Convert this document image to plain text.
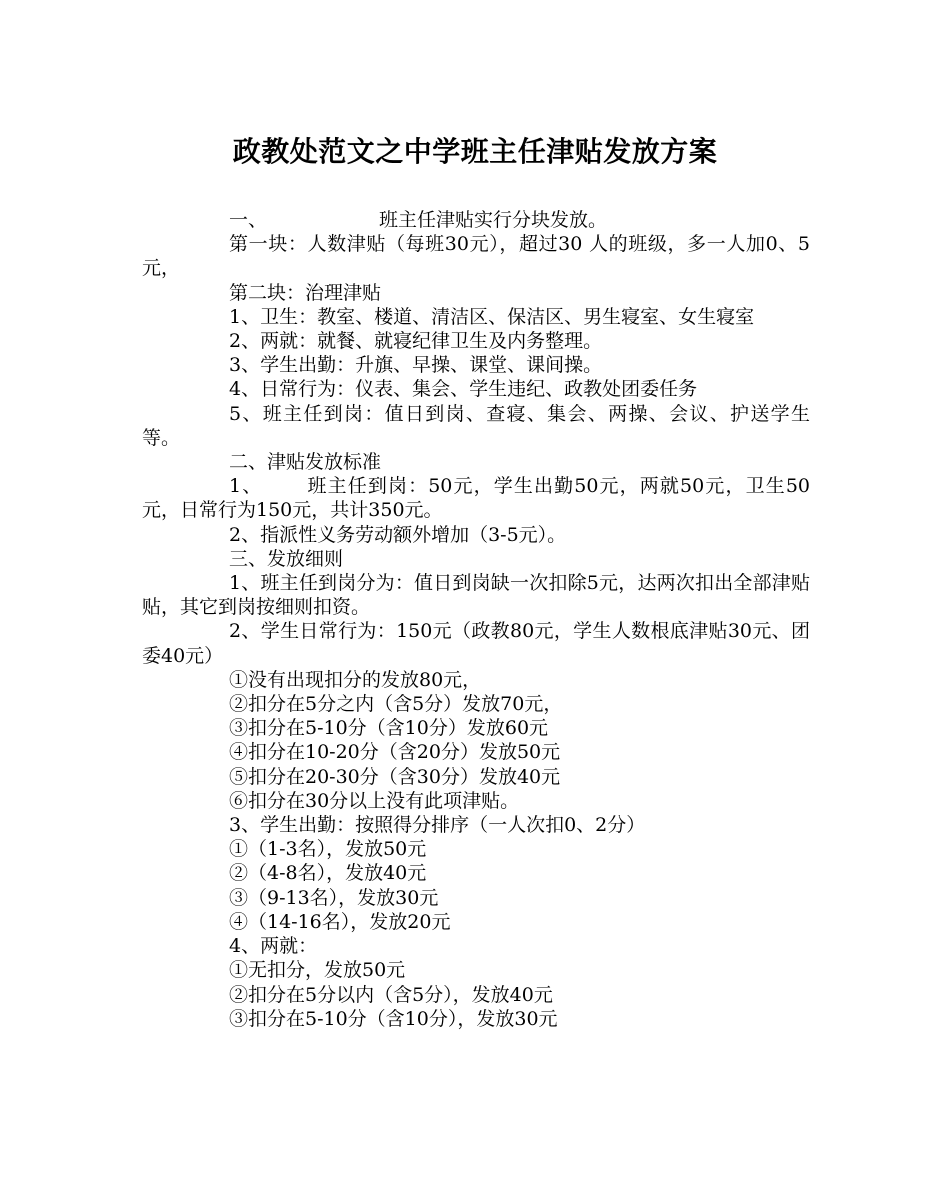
政教处范文之中学班主任津贴发放方案

一、	班主任津贴实行分块发放。

第一块：人数津贴（每班30元），超过30 人的班级，多一人加0、5元，

第二块：治理津贴

1、卫生：教室、楼道、清洁区、保洁区、男生寝室、女生寝室

2、两就：就餐、就寝纪律卫生及内务整理。

3、学生出勤：升旗、早操、课堂、课间操。

4、日常行为：仪表、集会、学生违纪、政教处团委任务

5、班主任到岗：值日到岗、查寝、集会、两操、会议、护送学生等。

二、津贴发放标准

1、 班主任到岗：50元，学生出勤50元，两就50元，卫生50元，日常行为150元，共计350元。

2、指派性义务劳动额外增加（3-5元）。

三、发放细则

1、班主任到岗分为：值日到岗缺一次扣除5元，达两次扣出全部津贴贴，其它到岗按细则扣资。

2、学生日常行为：150元（政教80元，学生人数根底津贴30元、团委40元）

①没有出现扣分的发放80元，

②扣分在5分之内（含5分）发放70元，

③扣分在5-10分（含10分）发放60元

④扣分在10-20分（含20分）发放50元

⑤扣分在20-30分（含30分）发放40元

⑥扣分在30分以上没有此项津贴。

3、学生出勤：按照得分排序（一人次扣0、2分）

①（1-3名），发放50元

②（4-8名），发放40元

③（9-13名），发放30元

④（14-16名），发放20元

4、两就：

①无扣分，发放50元

②扣分在5分以内（含5分），发放40元

③扣分在5-10分（含10分），发放30元
